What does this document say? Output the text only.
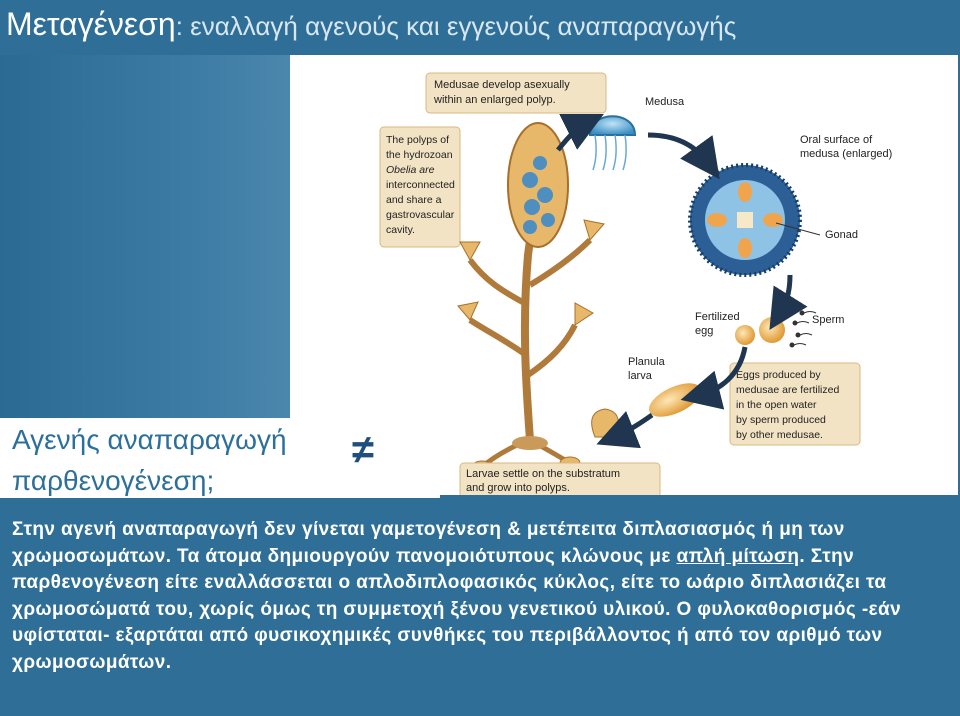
Μεταγένεση: εναλλαγή αγενούς και εγγενούς αναπαραγωγής
Medusae develop asexually
within an enlarged polyp.
The polyps of
the hydrozoan
Obelia are
interconnected
and share a
gastrovascular
cavity.
Medusa
Oral surface of
medusa (enlarged)
Gonad
Fertilized
egg
Sperm
Planula
larva	Eggs produced by
medusae are fertilized
in the open water
by sperm produced
by other medusae.
Larvae settle on the substratum
and grow into polyps.
Αγενής αναπαραγωγή
παρθενογένεση;
≠
Στην αγενή αναπαραγωγή δεν γίνεται γαμετογένεση & μετέπειτα διπλασιασμός ή μη των χρωμοσωμάτων. Τα άτομα δημιουργούν πανομοιότυπους κλώνους με απλή μίτωση. Στην παρθενογένεση είτε εναλλάσσεται ο απλοδιπλοφασικός κύκλος, είτε το ωάριο διπλασιάζει τα χρωμοσώματά του, χωρίς όμως τη συμμετοχή ξένου γενετικού υλικού. Ο φυλοκαθορισμός -εάν υφίσταται- εξαρτάται από φυσικοχημικές συνθήκες του περιβάλλοντος ή από τον αριθμό των χρωμοσωμάτων.
